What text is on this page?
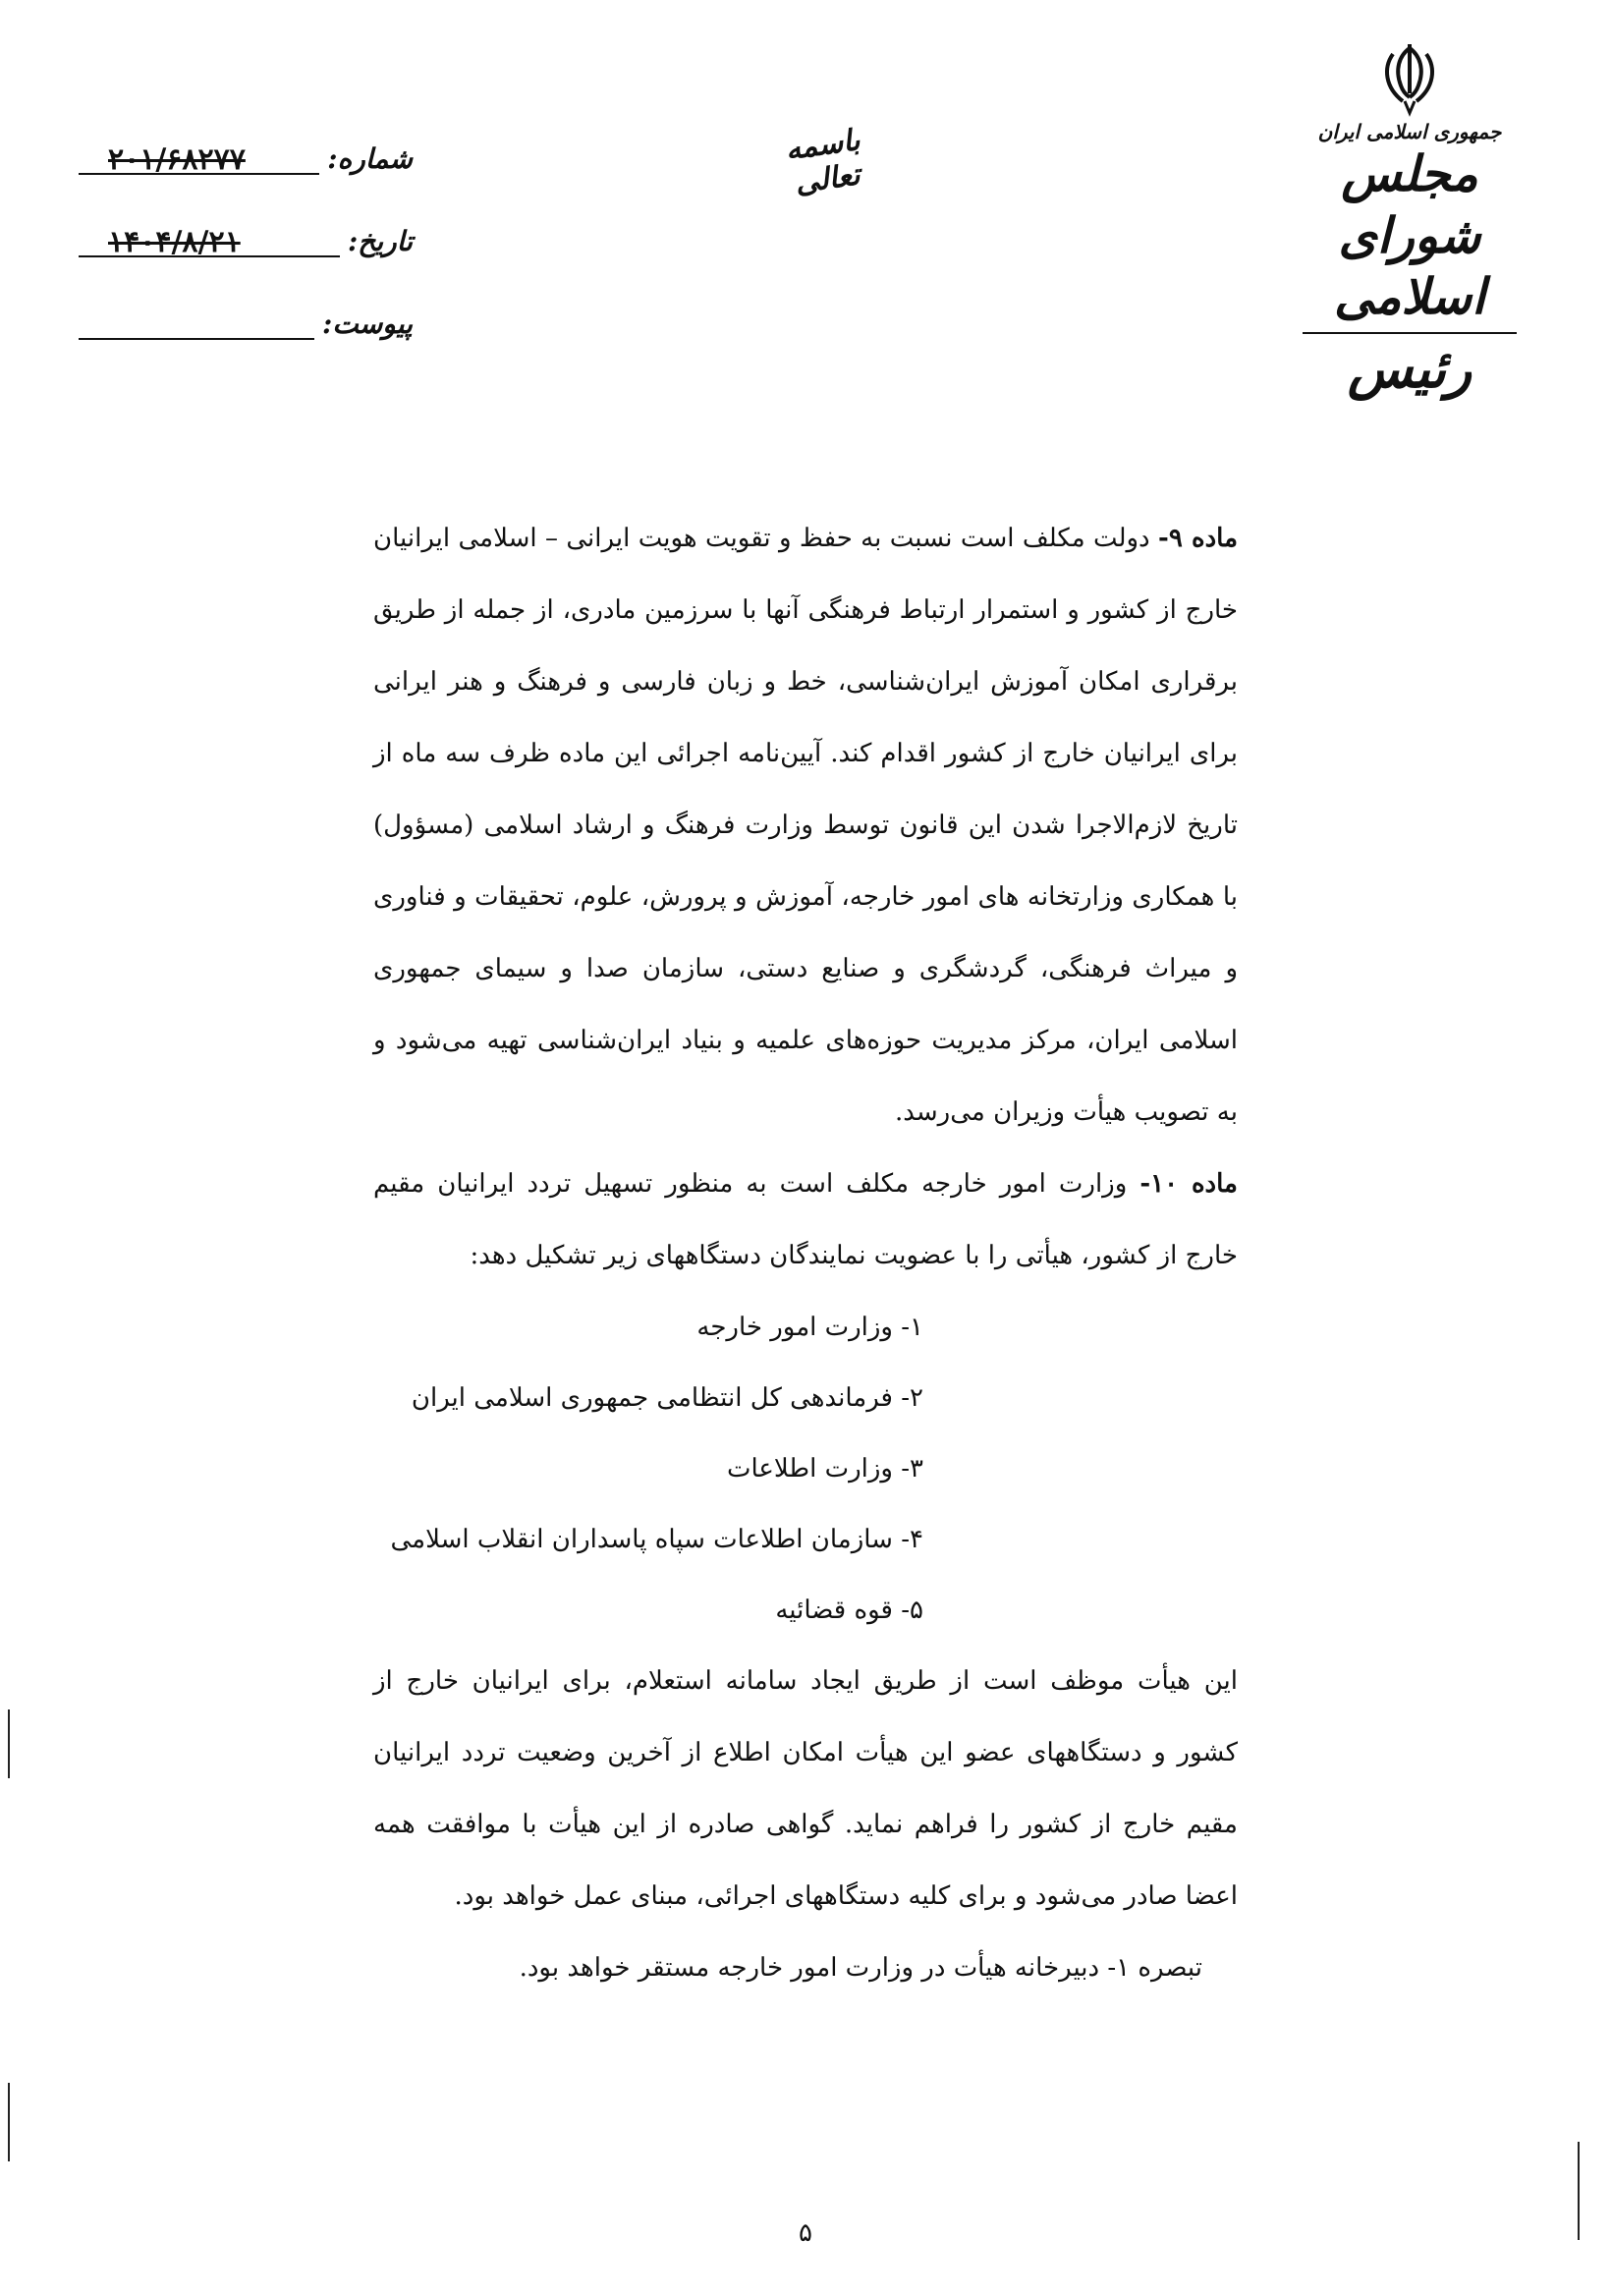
جمهوری اسلامی ایران
مجلس شورای اسلامی
رئیس
باسمه تعالی
شماره:
۲۰۱/۶۸۲۷۷
تاریخ:
۱۴۰۴/۸/۲۱
پیوست:

ماده ۹- دولت مکلف است نسبت به حفظ و تقویت هویت ایرانی – اسلامی ایرانیان خارج از کشور و استمرار ارتباط فرهنگی آنها با سرزمین مادری، از جمله از طریق برقراری امکان آموزش ایران‌شناسی، خط و زبان فارسی و فرهنگ و هنر ایرانی برای ایرانیان خارج از کشور اقدام کند. آیین‌نامه اجرائی این ماده ظرف سه ماه از تاریخ لازم‌الاجرا شدن این قانون توسط وزارت فرهنگ و ارشاد اسلامی (مسؤول) با همکاری وزارتخانه های امور خارجه، آموزش و پرورش، علوم، تحقیقات و فناوری و میراث فرهنگی، گردشگری و صنایع دستی، سازمان صدا و سیمای جمهوری اسلامی ایران، مرکز مدیریت حوزه‌های علمیه و بنیاد ایران‌شناسی تهیه می‌شود و به تصویب هیأت وزیران می‌رسد.

ماده ۱۰- وزارت امور خارجه مکلف است به منظور تسهیل تردد ایرانیان مقیم خارج از کشور، هیأتی را با عضویت نمایندگان دستگاههای زیر تشکیل دهد:

۱- وزارت امور خارجه
۲- فرماندهی کل انتظامی جمهوری اسلامی ایران
۳- وزارت اطلاعات
۴- سازمان اطلاعات سپاه پاسداران انقلاب اسلامی
۵- قوه قضائیه

این هیأت موظف است از طریق ایجاد سامانه استعلام، برای ایرانیان خارج از کشور و دستگاههای عضو این هیأت امکان اطلاع از آخرین وضعیت تردد ایرانیان مقیم خارج از کشور را فراهم نماید. گواهی صادره از این هیأت با موافقت همه اعضا صادر می‌شود و برای کلیه دستگاههای اجرائی، مبنای عمل خواهد بود.

تبصره ۱- دبیرخانه هیأت در وزارت امور خارجه مستقر خواهد بود.

۵
